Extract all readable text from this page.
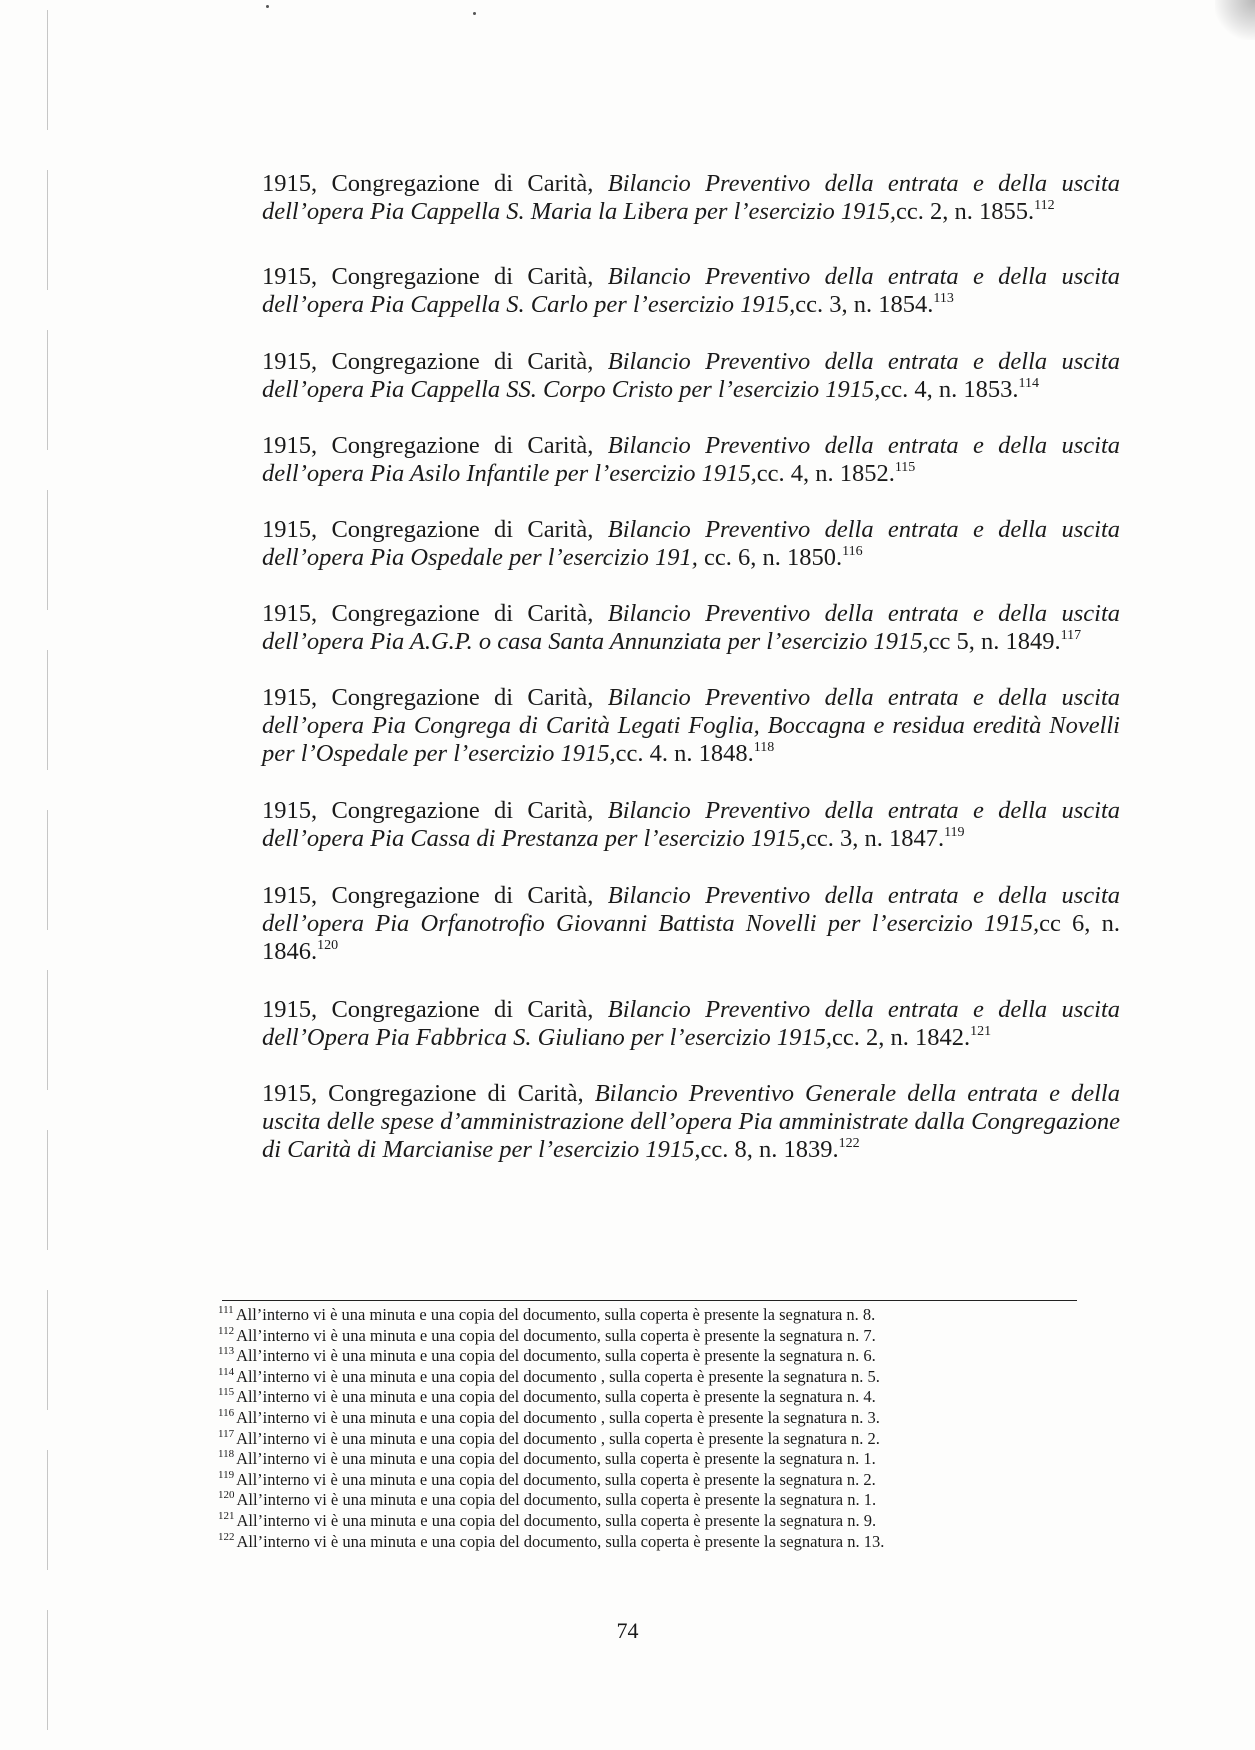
1915, Congregazione di Carità, Bilancio Preventivo della entrata e della uscita dell’opera Pia Cappella S. Maria la Libera per l’esercizio 1915,cc. 2, n. 1855.$^{112}$

1915, Congregazione di Carità, Bilancio Preventivo della entrata e della uscita dell’opera Pia Cappella S. Carlo per l’esercizio 1915,cc. 3, n. 1854.$^{113}$

1915, Congregazione di Carità, Bilancio Preventivo della entrata e della uscita dell’opera Pia Cappella SS. Corpo Cristo per l’esercizio 1915,cc. 4, n. 1853.$^{114}$

1915, Congregazione di Carità, Bilancio Preventivo della entrata e della uscita dell’opera Pia Asilo Infantile per l’esercizio 1915,cc. 4, n. 1852.$^{115}$

1915, Congregazione di Carità, Bilancio Preventivo della entrata e della uscita dell’opera Pia Ospedale per l’esercizio 191, cc. 6, n. 1850.$^{116}$

1915, Congregazione di Carità, Bilancio Preventivo della entrata e della uscita dell’opera Pia A.G.P. o casa Santa Annunziata per l’esercizio 1915,cc 5, n. 1849.$^{117}$

1915, Congregazione di Carità, Bilancio Preventivo della entrata e della uscita dell’opera Pia Congrega di Carità Legati Foglia, Boccagna e residua eredità Novelli per l’Ospedale per l’esercizio 1915,cc. 4. n. 1848.$^{118}$

1915, Congregazione di Carità, Bilancio Preventivo della entrata e della uscita dell’opera Pia Cassa di Prestanza per l’esercizio 1915,cc. 3, n. 1847.$^{119}$

1915, Congregazione di Carità, Bilancio Preventivo della entrata e della uscita dell’opera Pia Orfanotrofio Giovanni Battista Novelli per l’esercizio 1915,cc 6, n. 1846.$^{120}$

1915, Congregazione di Carità, Bilancio Preventivo della entrata e della uscita dell’Opera Pia Fabbrica S. Giuliano per l’esercizio 1915,cc. 2, n. 1842.$^{121}$

1915, Congregazione di Carità, Bilancio Preventivo Generale della entrata e della uscita delle spese d’amministrazione dell’opera Pia amministrate dalla Congregazione di Carità di Marcianise per l’esercizio 1915,cc. 8, n. 1839.$^{122}$

$^{111}$ All’interno vi è una minuta e una copia del documento, sulla coperta è presente la segnatura n. 8.

$^{112}$ All’interno vi è una minuta e una copia del documento, sulla coperta è presente la segnatura n. 7.

$^{113}$ All’interno vi è una minuta e una copia del documento, sulla coperta è presente la segnatura n. 6.

$^{114}$ All’interno vi è una minuta e una copia del documento , sulla coperta è presente la segnatura n. 5.

$^{115}$ All’interno vi è una minuta e una copia del documento, sulla coperta è presente la segnatura n. 4.

$^{116}$ All’interno vi è una minuta e una copia del documento , sulla coperta è presente la segnatura n. 3.

$^{117}$ All’interno vi è una minuta e una copia del documento , sulla coperta è presente la segnatura n. 2.

$^{118}$ All’interno vi è una minuta e una copia del documento, sulla coperta è presente la segnatura n. 1.

$^{119}$ All’interno vi è una minuta e una copia del documento, sulla coperta è presente la segnatura n. 2.

$^{120}$ All’interno vi è una minuta e una copia del documento, sulla coperta è presente la segnatura n. 1.

$^{121}$ All’interno vi è una minuta e una copia del documento, sulla coperta è presente la segnatura n. 9.

$^{122}$ All’interno vi è una minuta e una copia del documento, sulla coperta è presente la segnatura n. 13.

74
